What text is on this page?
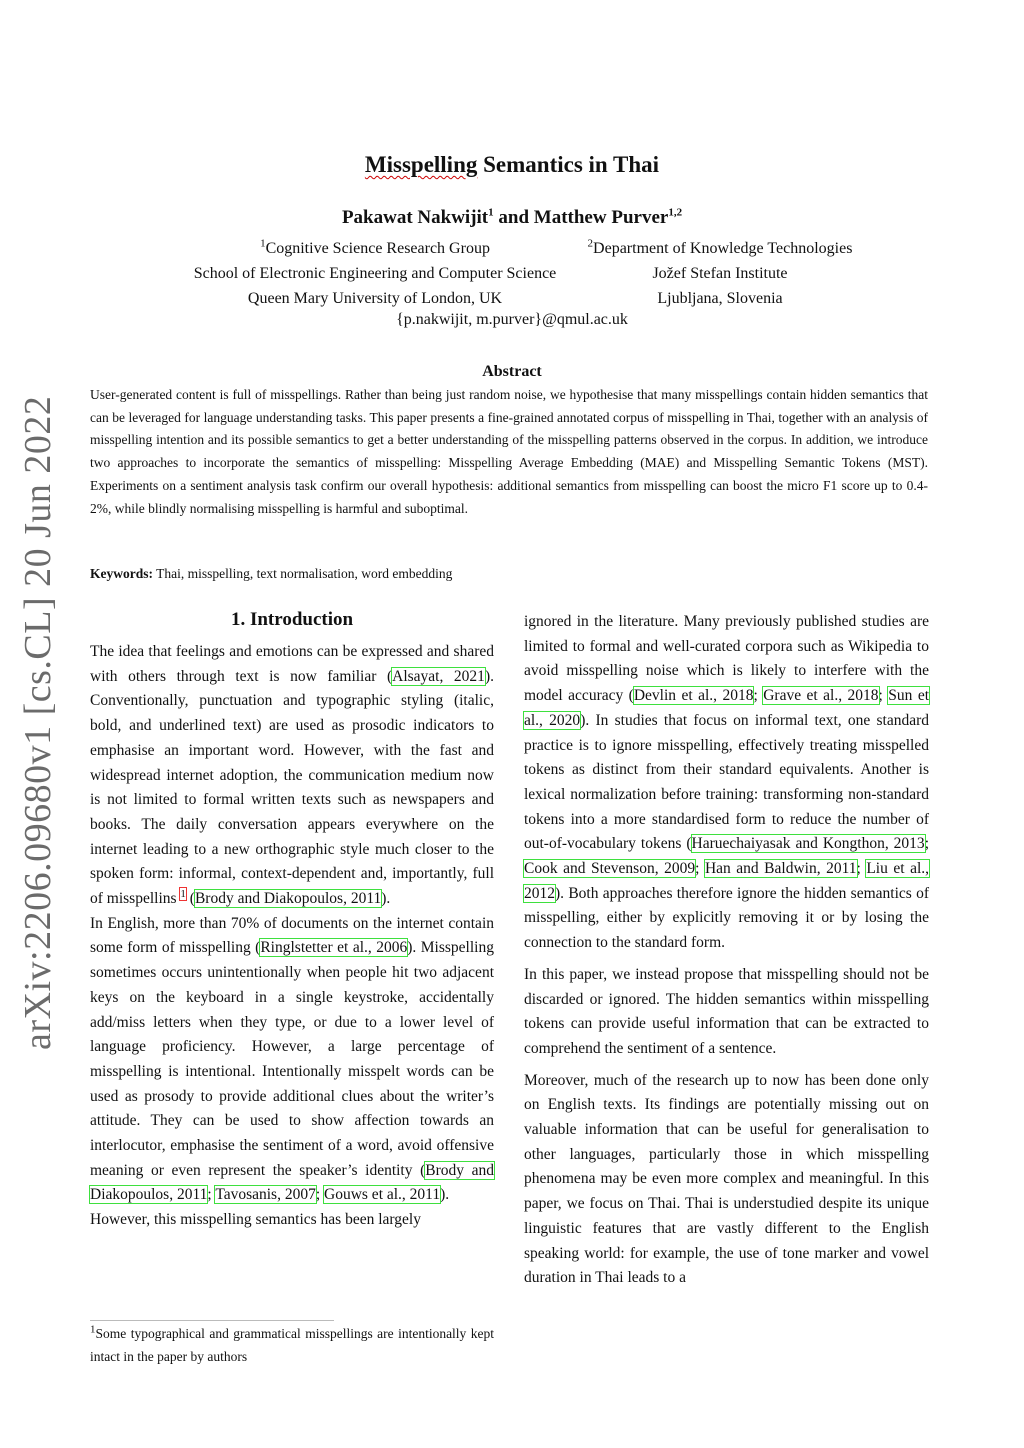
arXiv:2206.09680v1 [cs.CL] 20 Jun 2022
Misspelling Semantics in Thai
Pakawat Nakwijit$^1$ and Matthew Purver$^{1,2}$
$^1$Cognitive Science Research Group
School of Electronic Engineering and Computer Science
Queen Mary University of London, UK
$^2$Department of Knowledge Technologies
Jožef Stefan Institute
Ljubljana, Slovenia
{p.nakwijit, m.purver}@qmul.ac.uk
Abstract
User-generated content is full of misspellings. Rather than being just random noise, we hypothesise that many misspellings contain hidden semantics that can be leveraged for language understanding tasks. This paper presents a fine-grained annotated corpus of misspelling in Thai, together with an analysis of misspelling intention and its possible semantics to get a better understanding of the misspelling patterns observed in the corpus. In addition, we introduce two approaches to incorporate the semantics of misspelling: Misspelling Average Embedding (MAE) and Misspelling Semantic Tokens (MST). Experiments on a sentiment analysis task confirm our overall hypothesis: additional semantics from misspelling can boost the micro F1 score up to 0.4-2%, while blindly normalising misspelling is harmful and suboptimal.
Keywords: Thai, misspelling, text normalisation, word embedding
1. Introduction

The idea that feelings and emotions can be expressed and shared with others through text is now familiar (Alsayat, 2021). Conventionally, punctuation and typographic styling (italic, bold, and underlined text) are used as prosodic indicators to emphasise an important word. However, with the fast and widespread internet adoption, the communication medium now is not limited to formal written texts such as newspapers and books. The daily conversation appears everywhere on the internet leading to a new orthographic style much closer to the spoken form: informal, context-dependent and, importantly, full of misspellins $^1$ (Brody and Diakopoulos, 2011).

In English, more than 70% of documents on the internet contain some form of misspelling (Ringlstetter et al., 2006). Misspelling sometimes occurs unintentionally when people hit two adjacent keys on the keyboard in a single keystroke, accidentally add/miss letters when they type, or due to a lower level of language proficiency. However, a large percentage of misspelling is intentional. Intentionally misspelt words can be used as prosody to provide additional clues about the writer’s attitude. They can be used to show affection towards an interlocutor, emphasise the sentiment of a word, avoid offensive meaning or even represent the speaker’s identity (Brody and Diakopoulos, 2011; Tavosanis, 2007; Gouws et al., 2011).

However, this misspelling semantics has been largely

ignored in the literature. Many previously published studies are limited to formal and well-curated corpora such as Wikipedia to avoid misspelling noise which is likely to interfere with the model accuracy (Devlin et al., 2018; Grave et al., 2018; Sun et al., 2020). In studies that focus on informal text, one standard practice is to ignore misspelling, effectively treating misspelled tokens as distinct from their standard equivalents. Another is lexical normalization before training: transforming non-standard tokens into a more standardised form to reduce the number of out-of-vocabulary tokens (Haruechaiyasak and Kongthon, 2013; Cook and Stevenson, 2009; Han and Baldwin, 2011; Liu et al., 2012). Both approaches therefore ignore the hidden semantics of misspelling, either by explicitly removing it or by losing the connection to the standard form.

In this paper, we instead propose that misspelling should not be discarded or ignored. The hidden semantics within misspelling tokens can provide useful information that can be extracted to comprehend the sentiment of a sentence.

Moreover, much of the research up to now has been done only on English texts. Its findings are potentially missing out on valuable information that can be useful for generalisation to other languages, particularly those in which misspelling phenomena may be even more complex and meaningful. In this paper, we focus on Thai. Thai is understudied despite its unique linguistic features that are vastly different to the English speaking world: for example, the use of tone marker and vowel duration in Thai leads to a

$^1$Some typographical and grammatical misspellings are intentionally kept intact in the paper by authors
